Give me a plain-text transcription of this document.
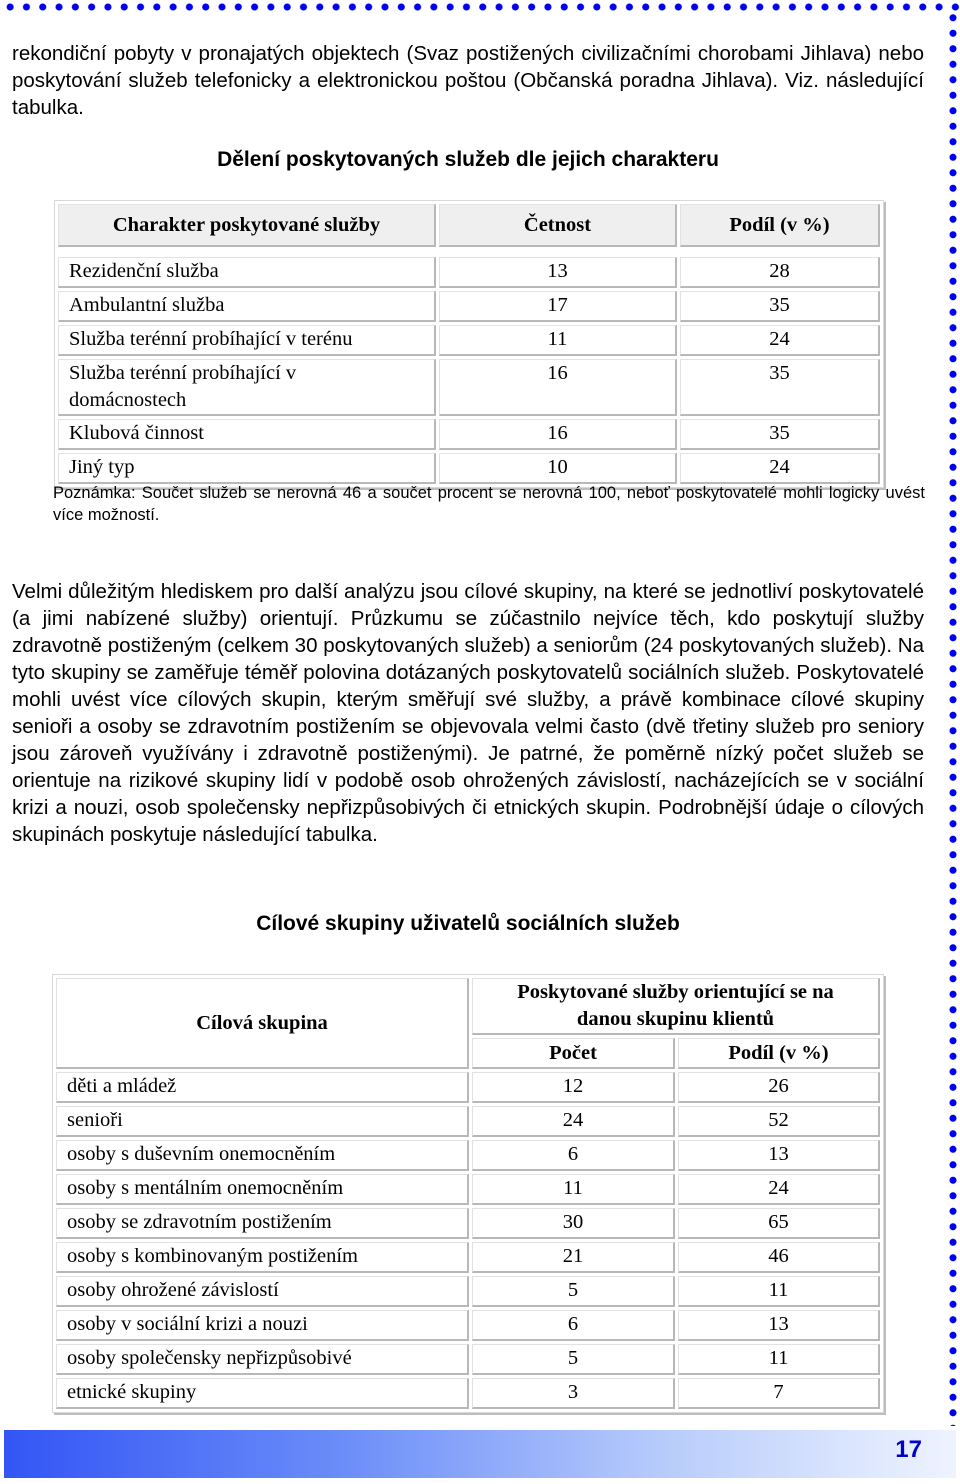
rekondiční pobyty v pronajatých objektech (Svaz postižených civilizačními chorobami Jihlava) nebo poskytování služeb telefonicky a elektronickou poštou (Občanská poradna Jihlava). Viz. následující tabulka.

Dělení poskytovaných služeb dle jejich charakteru
Charakter poskytované služby	Četnost	Podíl (v %)

Rezidenční služba	13	28
Ambulantní služba	17	35
Služba terénní probíhající v terénu	11	24
Služba terénní probíhající v domácnostech	16	35
Klubová činnost	16	35
Jiný typ	10	24

Poznámka: Součet služeb se nerovná 46 a součet procent se nerovná 100, neboť poskytovatelé mohli logicky uvést více možností.

Velmi důležitým hlediskem pro další analýzu jsou cílové skupiny, na které se jednotliví poskytovatelé (a jimi nabízené služby) orientují. Průzkumu se zúčastnilo nejvíce těch, kdo poskytují služby zdravotně postiženým (celkem 30 poskytovaných služeb) a seniorům (24 poskytovaných služeb). Na tyto skupiny se zaměřuje téměř polovina dotázaných poskytovatelů sociálních služeb. Poskytovatelé mohli uvést více cílových skupin, kterým směřují své služby, a právě kombinace cílové skupiny senioři a osoby se zdravotním postižením se objevovala velmi často (dvě třetiny služeb pro seniory jsou zároveň využívány i zdravotně postiženými). Je patrné, že poměrně nízký počet služeb se orientuje na rizikové skupiny lidí v podobě osob ohrožených závislostí, nacházejících se v sociální krizi a nouzi, osob společensky nepřizpůsobivých či etnických skupin. Podrobnější údaje o cílových skupinách poskytuje následující tabulka.

Cílové skupiny uživatelů sociálních služeb
Cílová skupina	Poskytované služby orientující se na danou skupinu klientů	
	Počet	Podíl (v %)
děti a mládež	12	26
senioři	24	52
osoby s duševním onemocněním	6	13
osoby s mentálním onemocněním	11	24
osoby se zdravotním postižením	30	65
osoby s kombinovaným postižením	21	46
osoby ohrožené závislostí	5	11
osoby v sociální krizi a nouzi	6	13
osoby společensky nepřizpůsobivé	5	11
etnické skupiny	3	7
17
